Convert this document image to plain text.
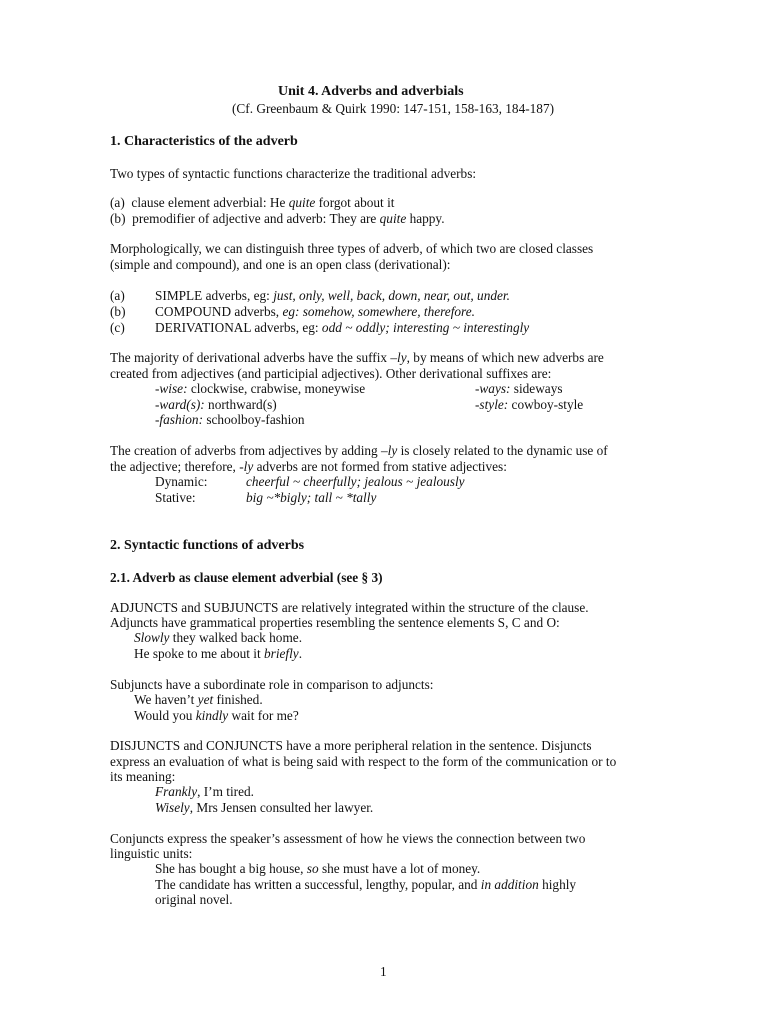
Unit 4. Adverbs and adverbials

(Cf. Greenbaum & Quirk 1990: 147-151, 158-163, 184-187)

1. Characteristics of the adverb

Two types of syntactic functions characterize the traditional adverbs:

(a) clause element adverbial: He quite forgot about it

(b) premodifier of adjective and adverb: They are quite happy.

Morphologically, we can distinguish three types of adverb, of which two are closed classes

(simple and compound), and one is an open class (derivational):

(a) SIMPLE adverbs, eg: just, only, well, back, down, near, out, under.

(b) COMPOUND adverbs, eg: somehow, somewhere, therefore.

(c) DERIVATIONAL adverbs, eg: odd ~ oddly; interesting ~ interestingly

The majority of derivational adverbs have the suffix –ly, by means of which new adverbs are

created from adjectives (and participial adjectives). Other derivational suffixes are:

-wise: clockwise, crabwise, moneywise	-ways: sideways

-ward(s): northward(s)	-style: cowboy-style

-fashion: schoolboy-fashion

The creation of adverbs from adjectives by adding –ly is closely related to the dynamic use of

the adjective; therefore, -ly adverbs are not formed from stative adjectives:

Dynamic:	cheerful ~ cheerfully; jealous ~ jealously

Stative:	big ~*bigly; tall ~ *tally

2. Syntactic functions of adverbs

2.1. Adverb as clause element adverbial (see § 3)

ADJUNCTS and SUBJUNCTS are relatively integrated within the structure of the clause.

Adjuncts have grammatical properties resembling the sentence elements S, C and O:

Slowly they walked back home.

He spoke to me about it briefly.

Subjuncts have a subordinate role in comparison to adjuncts:

We haven’t yet finished.

Would you kindly wait for me?

DISJUNCTS and CONJUNCTS have a more peripheral relation in the sentence. Disjuncts

express an evaluation of what is being said with respect to the form of the communication or to

its meaning:

Frankly, I’m tired.

Wisely, Mrs Jensen consulted her lawyer.

Conjuncts express the speaker’s assessment of how he views the connection between two

linguistic units:

She has bought a big house, so she must have a lot of money.

The candidate has written a successful, lengthy, popular, and in addition highly

original novel.

1
